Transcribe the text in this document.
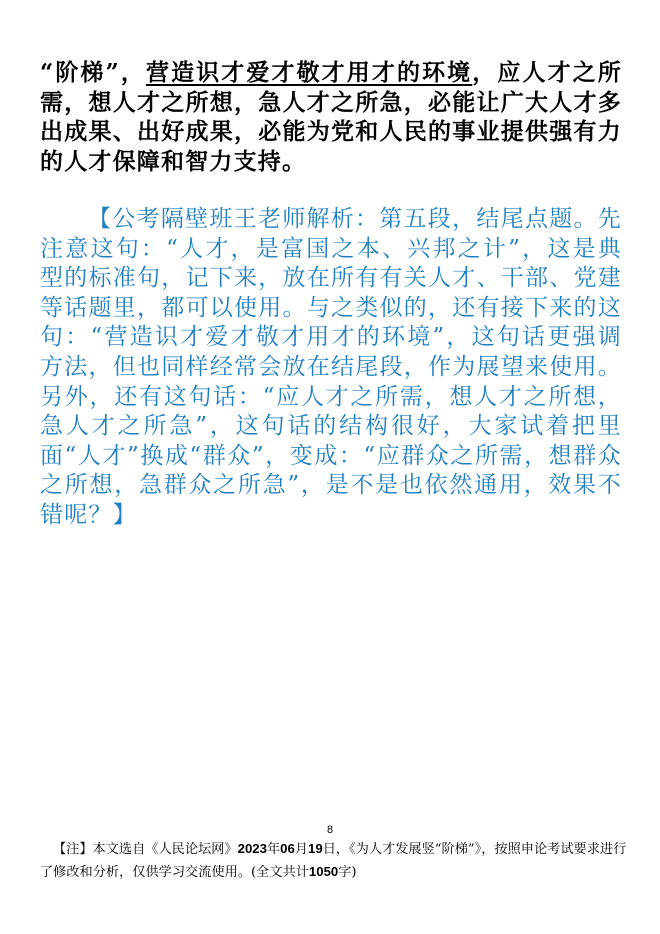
“阶梯”，营造识才爱才敬才用才的环境，应人才之所需，想人才之所想，急人才之所急，必能让广大人才多出成果、出好成果，必能为党和人民的事业提供强有力的人才保障和智力支持。

【公考隔壁班王老师解析：第五段，结尾点题。先注意这句：“人才，是富国之本、兴邦之计”，这是典型的标准句，记下来，放在所有有关人才、干部、党建等话题里，都可以使用。与之类似的，还有接下来的这句：“营造识才爱才敬才用才的环境”，这句话更强调方法，但也同样经常会放在结尾段，作为展望来使用。另外，还有这句话：“应人才之所需，想人才之所想，急人才之所急”，这句话的结构很好，大家试着把里面“人才”换成“群众”，变成：“应群众之所需，想群众之所想，急群众之所急”，是不是也依然通用，效果不错呢？】

8

【注】本文选自《人民论坛网》2023年06月19日，《为人才发展竖“阶梯”》，按照申论考试要求进行了修改和分析，仅供学习交流使用。(全文共计1050字)
